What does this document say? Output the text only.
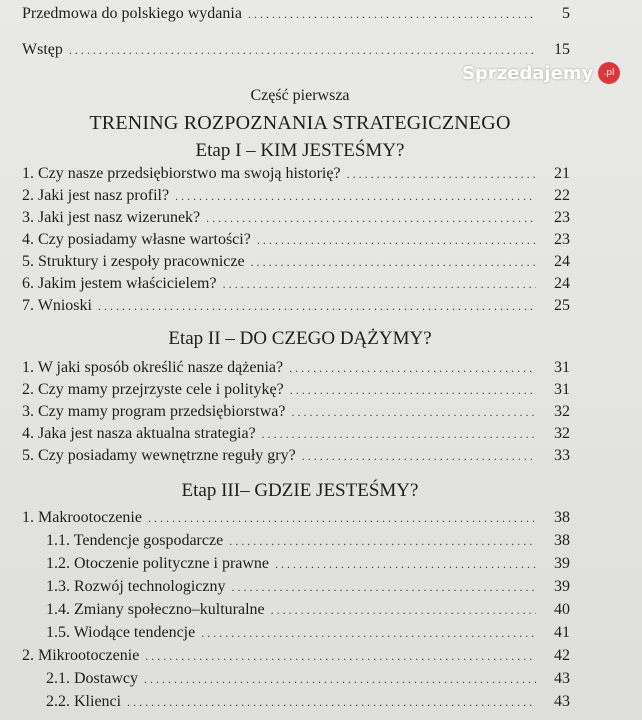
Przedmowa do polskiego wydania . . .	5
Wstęp . . .	15
1. Czy nasze przedsiębiorstwo ma swoją historię? . . .	21
2. Jaki jest nasz profil? . . .	22
3. Jaki jest nasz wizerunek? . . .	23
4. Czy posiadamy własne wartości? . . .	23
5. Struktury i zespoły pracownicze . . .	24
6. Jakim jestem właścicielem? . . .	24
7. Wnioski . . .	25
1. W jaki sposób określić nasze dążenia? . . .	31
2. Czy mamy przejrzyste cele i politykę? . . .	31
3. Czy mamy program przedsiębiorstwa? . . .	32
4. Jaka jest nasza aktualna strategia? . . .	32
5. Czy posiadamy wewnętrzne reguły gry? . . .	33
1. Makrootoczenie . . .	38
1.1. Tendencje gospodarcze . . .	38
1.2. Otoczenie polityczne i prawne . . .	39
1.3. Rozwój technologiczny . . .	39
1.4. Zmiany społeczno–kulturalne . . .	40
1.5. Wiodące tendencje . . .	41
2. Mikrootoczenie . . .	42
2.1. Dostawcy . . .	43
2.2. Klienci . . .	43
Część pierwsza
TRENING ROZPOZNANIA STRATEGICZNEGO
Etap I – KIM JESTEŚMY?
Etap II – DO CZEGO DĄŻYMY?
Etap III– GDZIE JESTEŚMY?
Sprzedajemy	.pl
